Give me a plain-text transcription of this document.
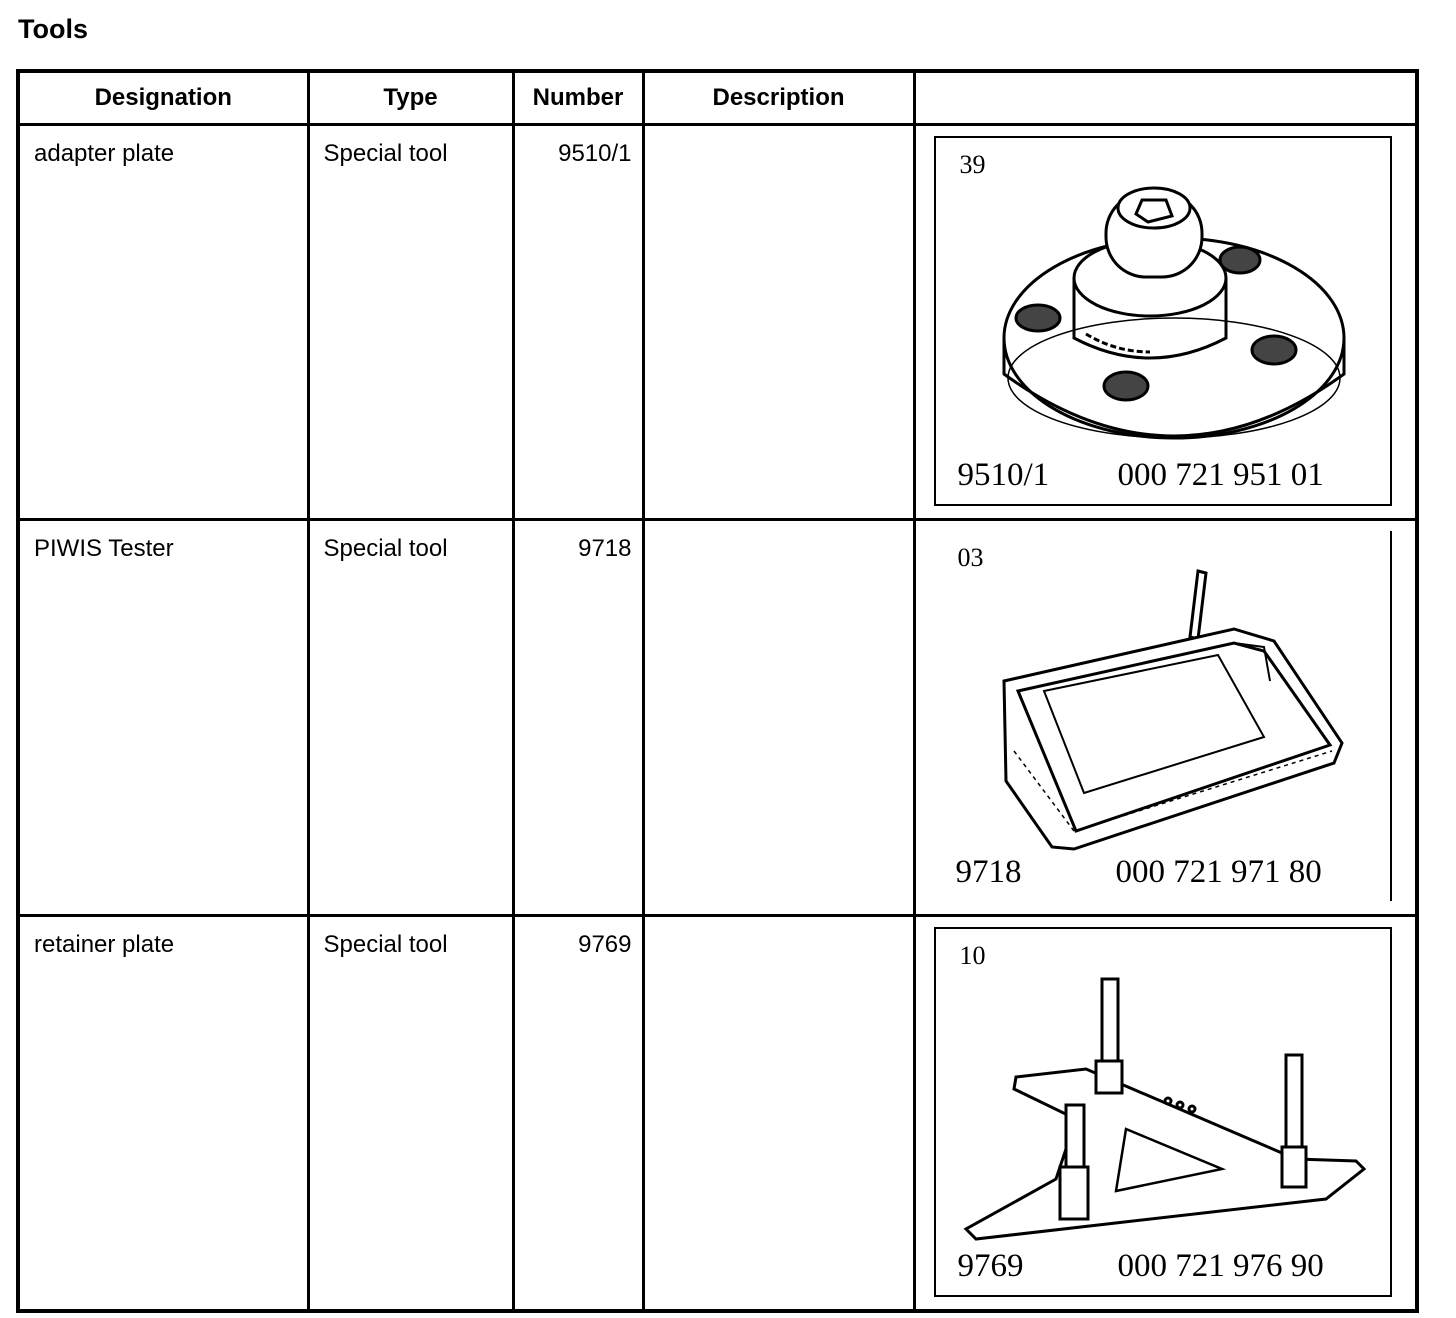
Tools
Designation	Type	Number	Description	

adapter plate	Special tool	9510/1		39
9510/1 000 721 951 01

PIWIS Tester	Special tool	9718		03
9718 000 721 971 80

retainer plate	Special tool	9769		10
9769 000 721 976 90
